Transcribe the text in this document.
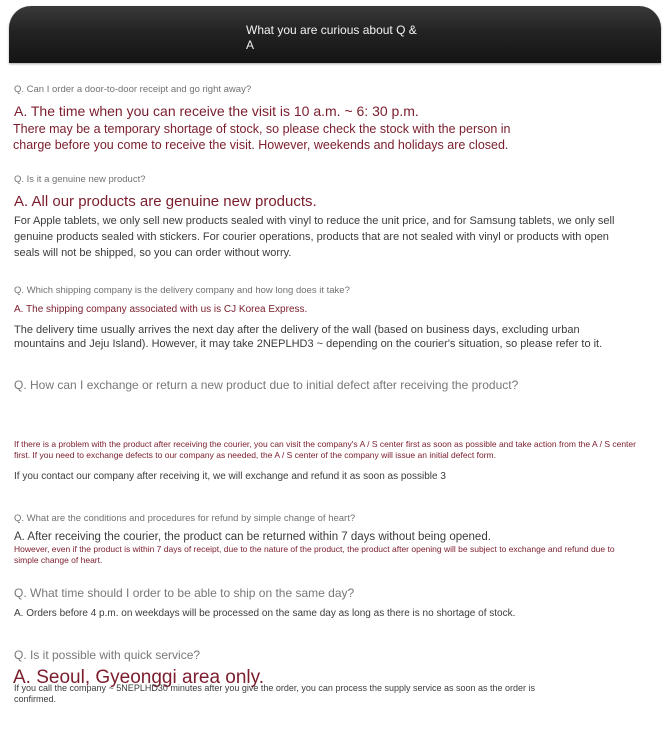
What you are curious about Q & A

Q. Can I order a door-to-door receipt and go right away?

A. The time when you can receive the visit is 10 a.m. ~ 6: 30 p.m.

There may be a temporary shortage of stock, so please check the stock with the person in charge before you come to receive the visit. However, weekends and holidays are closed.

Q. Is it a genuine new product?

A. All our products are genuine new products.

For Apple tablets, we only sell new products sealed with vinyl to reduce the unit price, and for Samsung tablets, we only sell genuine products sealed with stickers. For courier operations, products that are not sealed with vinyl or products with open seals will not be shipped, so you can order without worry.

Q. Which shipping company is the delivery company and how long does it take?

A. The shipping company associated with us is CJ Korea Express.

The delivery time usually arrives the next day after the delivery of the wall (based on business days, excluding urban mountains and Jeju Island). However, it may take 2NEPLHD3 ~ depending on the courier's situation, so please refer to it.

Q. How can I exchange or return a new product due to initial defect after receiving the product?

If there is a problem with the product after receiving the courier, you can visit the company's A / S center first as soon as possible and take action from the A / S center first. If you need to exchange defects to our company as needed, the A / S center of the company will issue an initial defect form.

If you contact our company after receiving it, we will exchange and refund it as soon as possible 3

Q. What are the conditions and procedures for refund by simple change of heart?

A. After receiving the courier, the product can be returned within 7 days without being opened.

However, even if the product is within 7 days of receipt, due to the nature of the product, the product after opening will be subject to exchange and refund due to simple change of heart.

Q. What time should I order to be able to ship on the same day?

A. Orders before 4 p.m. on weekdays will be processed on the same day as long as there is no shortage of stock.

Q. Is it possible with quick service?

A. Seoul, Gyeonggi area only.

If you call the company ~ 5NEPLHD30 minutes after you give the order, you can process the supply service as soon as the order is confirmed.
